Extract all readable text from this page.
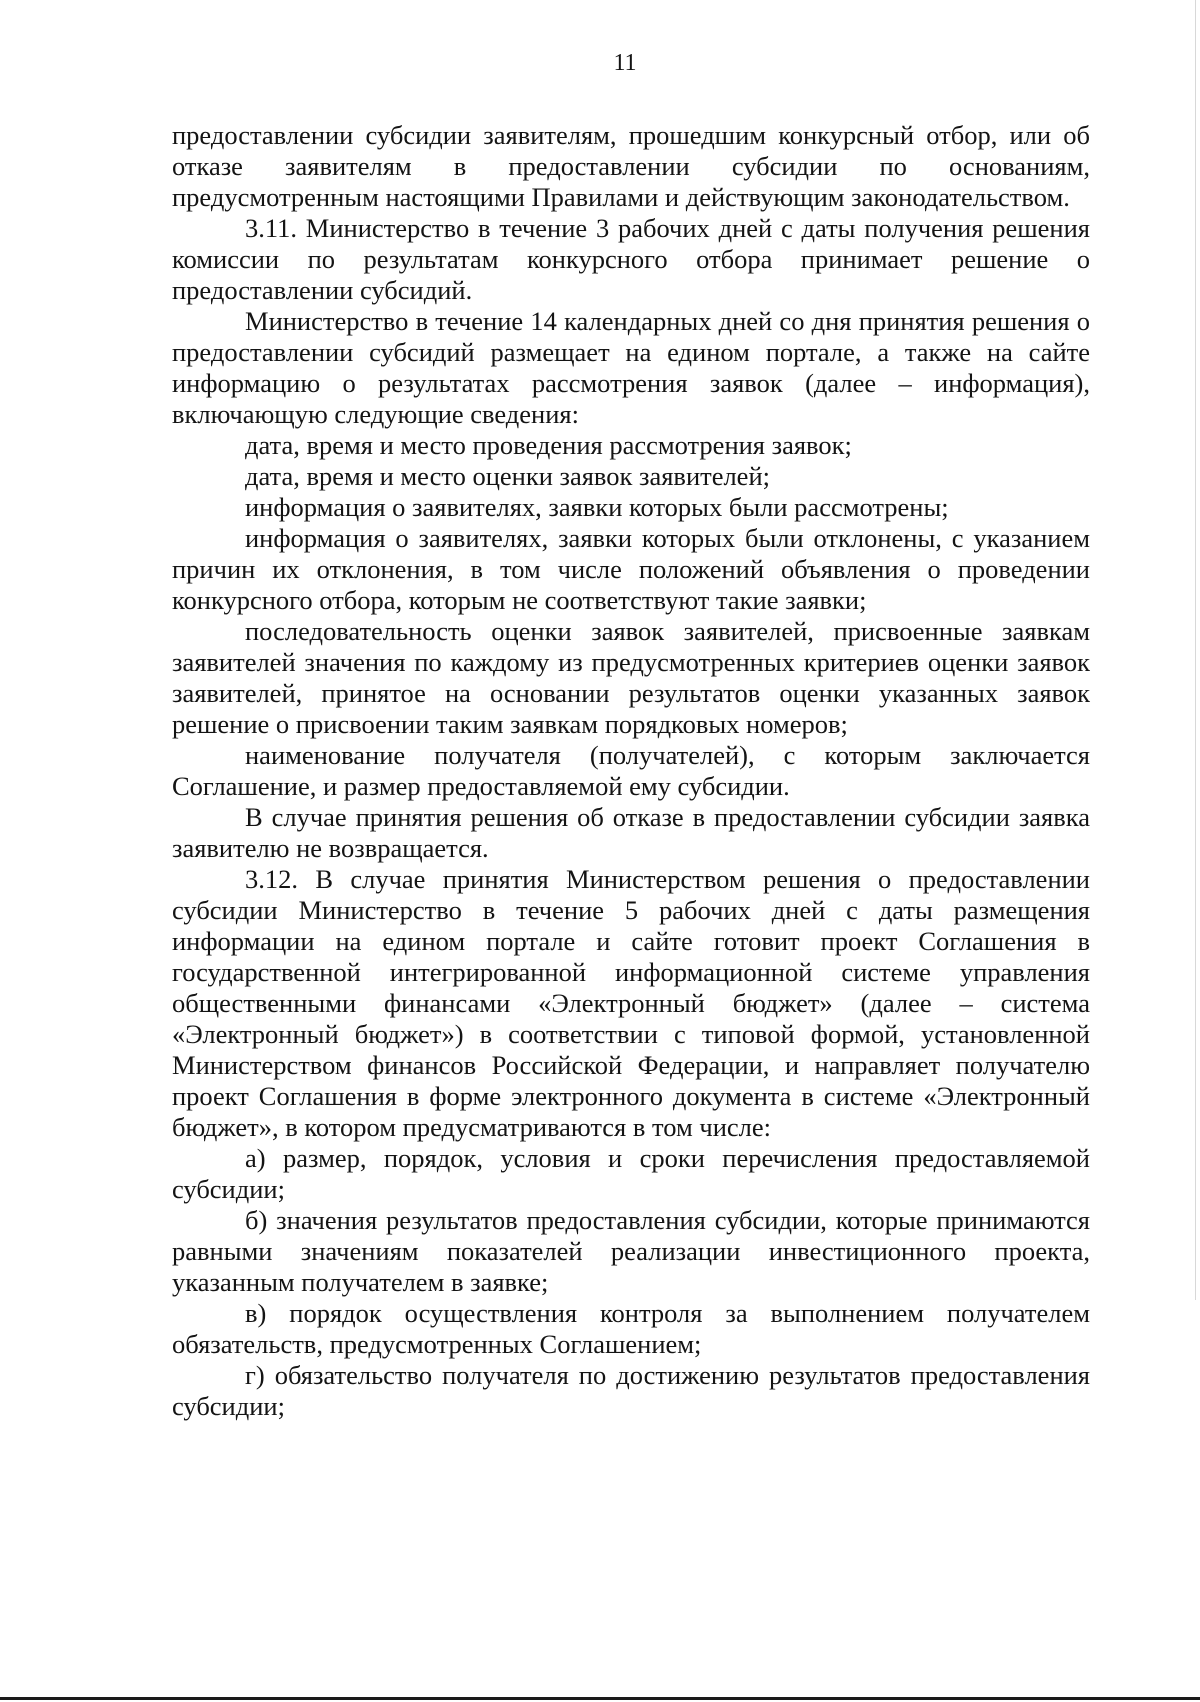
11

предоставлении субсидии заявителям, прошедшим конкурсный отбор, или об отказе заявителям в предоставлении субсидии по основаниям, предусмотренным настоящими Правилами и действующим законодательством.

3.11. Министерство в течение 3 рабочих дней с даты получения решения комиссии по результатам конкурсного отбора принимает решение о предоставлении субсидий.

Министерство в течение 14 календарных дней со дня принятия решения о предоставлении субсидий размещает на едином портале, а также на сайте информацию о результатах рассмотрения заявок (далее – информация), включающую следующие сведения:

дата, время и место проведения рассмотрения заявок;

дата, время и место оценки заявок заявителей;

информация о заявителях, заявки которых были рассмотрены;

информация о заявителях, заявки которых были отклонены, с указанием причин их отклонения, в том числе положений объявления о проведении конкурсного отбора, которым не соответствуют такие заявки;

последовательность оценки заявок заявителей, присвоенные заявкам заявителей значения по каждому из предусмотренных критериев оценки заявок заявителей, принятое на основании результатов оценки указанных заявок решение о присвоении таким заявкам порядковых номеров;

наименование получателя (получателей), с которым заключается Соглашение, и размер предоставляемой ему субсидии.

В случае принятия решения об отказе в предоставлении субсидии заявка заявителю не возвращается.

3.12. В случае принятия Министерством решения о предоставлении субсидии Министерство в течение 5 рабочих дней с даты размещения информации на едином портале и сайте готовит проект Соглашения в государственной интегрированной информационной системе управления общественными финансами «Электронный бюджет» (далее – система «Электронный бюджет») в соответствии с типовой формой, установленной Министерством финансов Российской Федерации, и направляет получателю проект Соглашения в форме электронного документа в системе «Электронный бюджет», в котором предусматриваются в том числе:

а) размер, порядок, условия и сроки перечисления предоставляемой субсидии;

б) значения результатов предоставления субсидии, которые принимаются равными значениям показателей реализации инвестиционного проекта, указанным получателем в заявке;

в) порядок осуществления контроля за выполнением получателем обязательств, предусмотренных Соглашением;

г) обязательство получателя по достижению результатов предоставления субсидии;
